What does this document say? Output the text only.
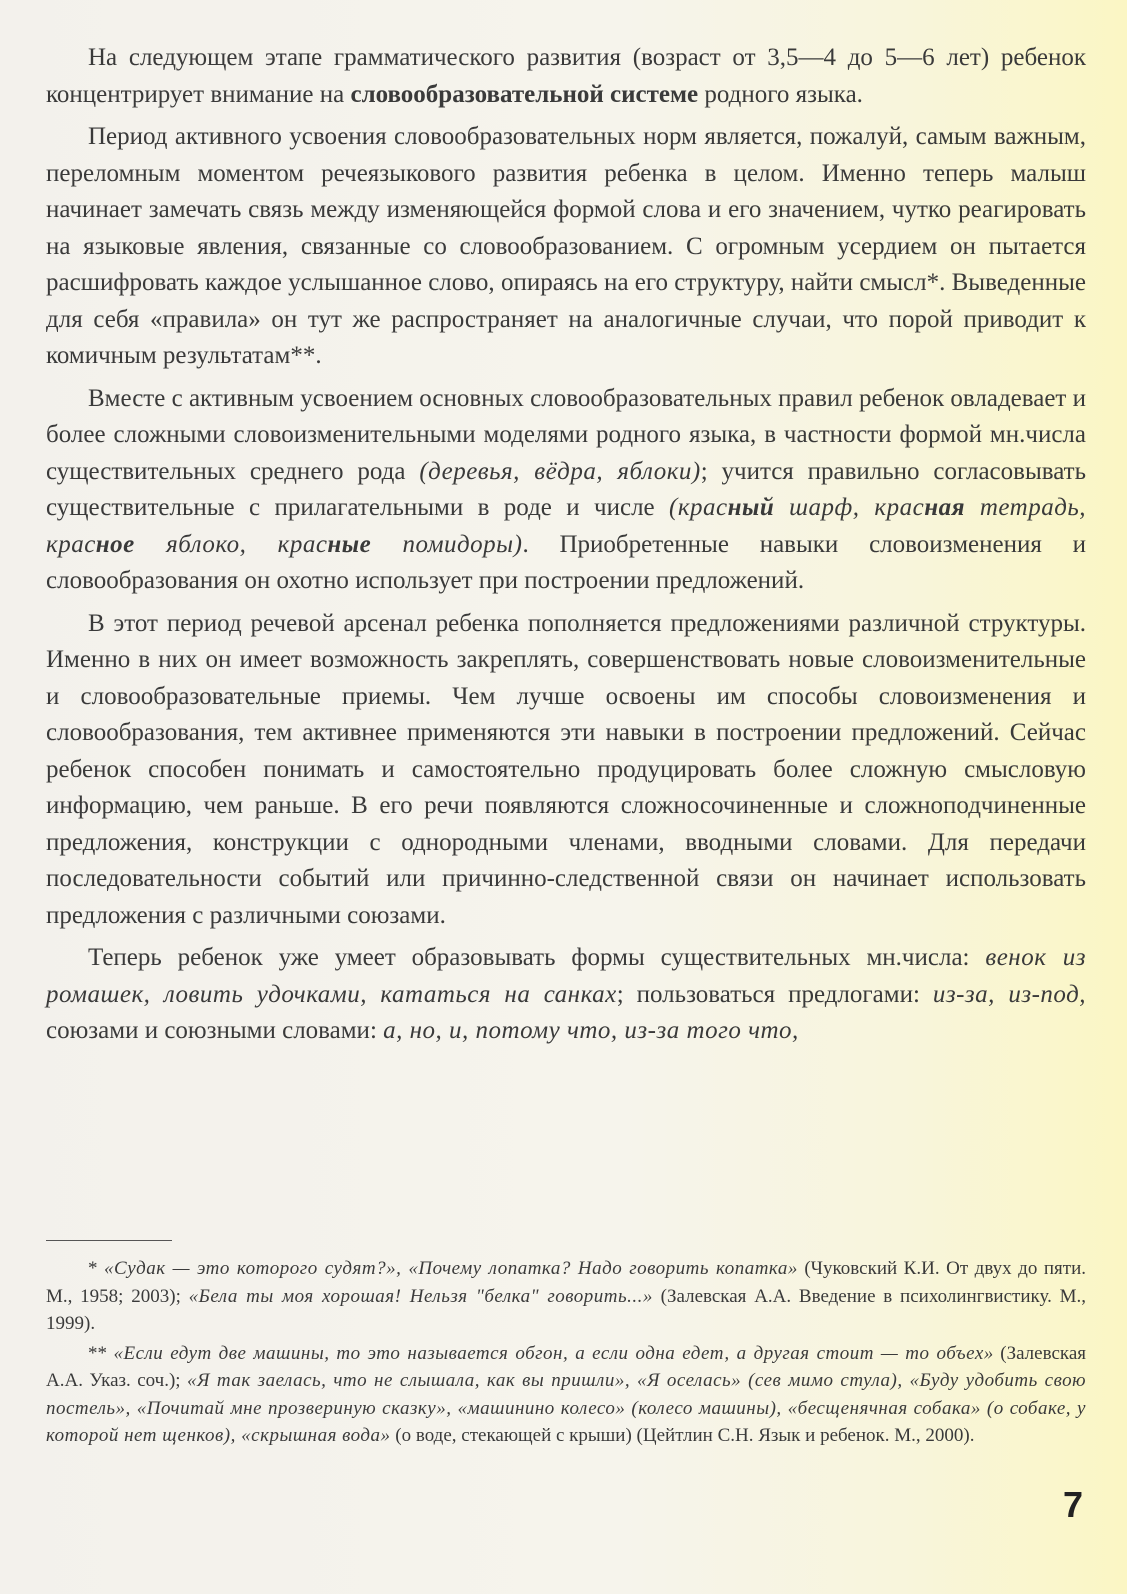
На следующем этапе грамматического развития (возраст от 3,5—4 до 5—6 лет) ребенок концентрирует внимание на словообразовательной системе родного языка.

Период активного усвоения словообразовательных норм является, пожалуй, самым важным, переломным моментом речеязыкового развития ребенка в целом. Именно теперь малыш начинает замечать связь между изменяющейся формой слова и его значением, чутко реагировать на языковые явления, связанные со словообразованием. С огромным усердием он пытается расшифровать каждое услышанное слово, опираясь на его структуру, найти смысл*. Выведенные для себя «правила» он тут же распространяет на аналогичные случаи, что порой приводит к комичным результатам**.

Вместе с активным усвоением основных словообразовательных правил ребенок овладевает и более сложными словоизменительными моделями родного языка, в частности формой мн.числа существительных среднего рода (деревья, вёдра, яблоки); учится правильно согласовывать существительные с прилагательными в роде и числе (красный шарф, красная тетрадь, красное яблоко, красные помидоры). Приобретенные навыки словоизменения и словообразования он охотно использует при построении предложений.

В этот период речевой арсенал ребенка пополняется предложениями различной структуры. Именно в них он имеет возможность закреплять, совершенствовать новые словоизменительные и словообразовательные приемы. Чем лучше освоены им способы словоизменения и словообразования, тем активнее применяются эти навыки в построении предложений. Сейчас ребенок способен понимать и самостоятельно продуцировать более сложную смысловую информацию, чем раньше. В его речи появляются сложносочиненные и сложноподчиненные предложения, конструкции с однородными членами, вводными словами. Для передачи последовательности событий или причинно-следственной связи он начинает использовать предложения с различными союзами.

Теперь ребенок уже умеет образовывать формы существительных мн.числа: венок из ромашек, ловить удочками, кататься на санках; пользоваться предлогами: из-за, из-под, союзами и союзными словами: а, но, и, потому что, из-за того что,

* «Судак — это которого судят?», «Почему лопатка? Надо говорить копатка» (Чуковский К.И. От двух до пяти. М., 1958; 2003); «Бела ты моя хорошая! Нельзя "белка" говорить...» (Залевская А.А. Введение в психолингвистику. М., 1999).

** «Если едут две машины, то это называется обгон, а если одна едет, а другая стоит — то объех» (Залевская А.А. Указ. соч.); «Я так заелась, что не слышала, как вы пришли», «Я оселась» (сев мимо стула), «Буду удобить свою постель», «Почитай мне прозвериную сказку», «машинино колесо» (колесо машины), «бесщенячная собака» (о собаке, у которой нет щенков), «скрышная вода» (о воде, стекающей с крыши) (Цейтлин С.Н. Язык и ребенок. М., 2000).

7
